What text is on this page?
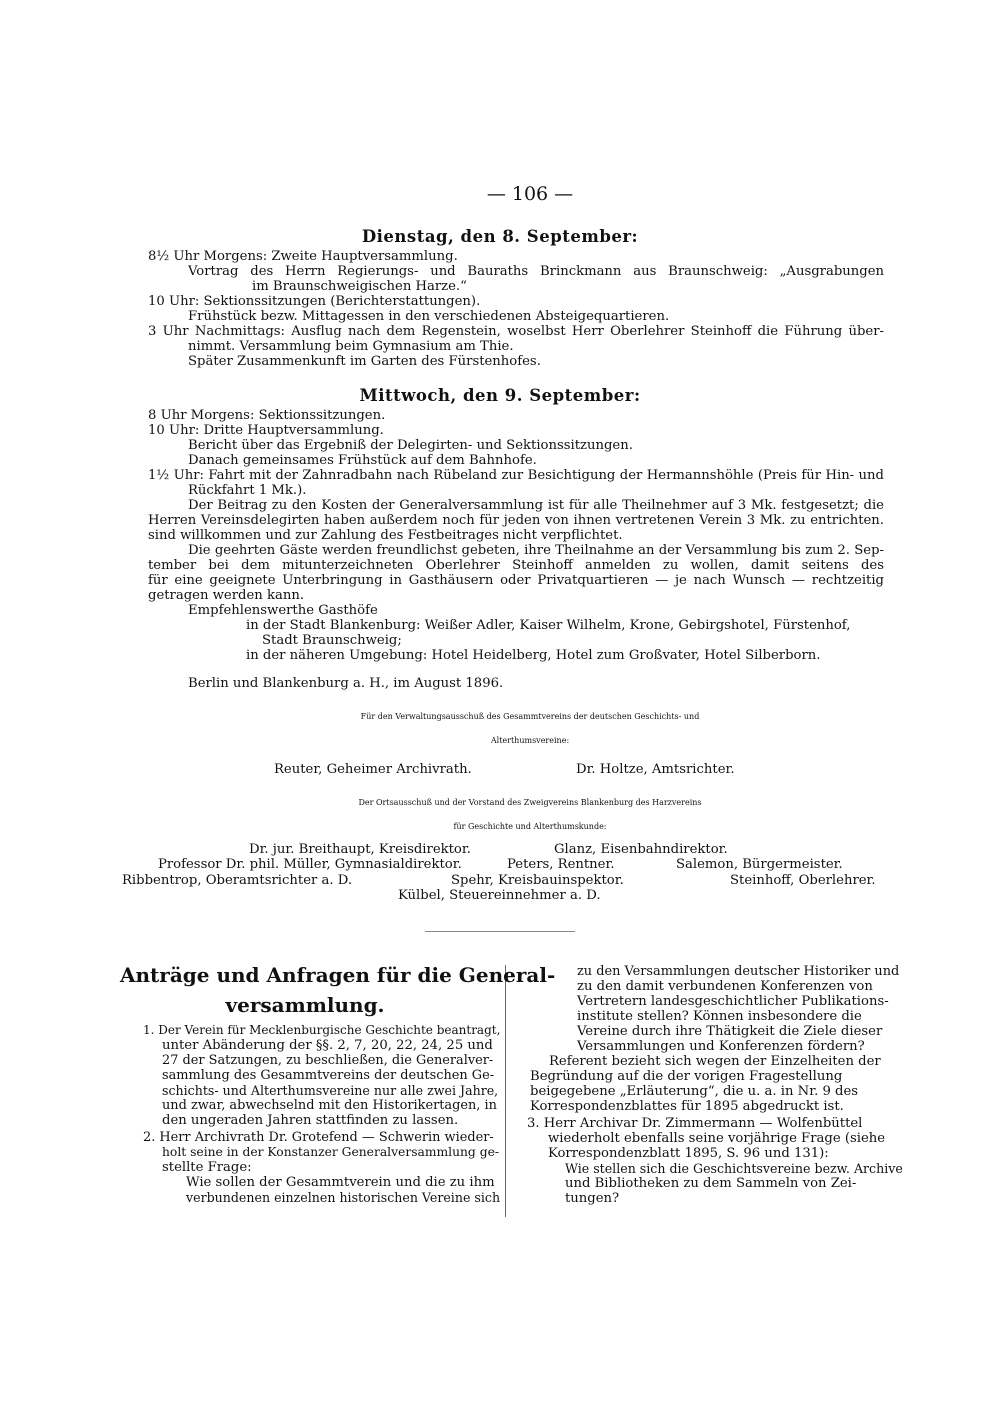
— 106 —
Dienstag, den 8. September:
8½ Uhr Morgens: Zweite Hauptversammlung.
Vortrag des Herrn Regierungs- und Bauraths Brinckmann aus Braunschweig: „Ausgrabungen
im Braunschweigischen Harze.“
10 Uhr: Sektionssitzungen (Berichterstattungen).
Frühstück bezw. Mittagessen in den verschiedenen Absteigequartieren.
3 Uhr Nachmittags: Ausflug nach dem Regenstein, woselbst Herr Oberlehrer Steinhoff die Führung über-
nimmt. Versammlung beim Gymnasium am Thie.
Später Zusammenkunft im Garten des Fürstenhofes.
Mittwoch, den 9. September:
8 Uhr Morgens: Sektionssitzungen.
10 Uhr: Dritte Hauptversammlung.
Bericht über das Ergebniß der Delegirten- und Sektionssitzungen.
Danach gemeinsames Frühstück auf dem Bahnhofe.
1½ Uhr: Fahrt mit der Zahnradbahn nach Rübeland zur Besichtigung der Hermannshöhle (Preis für Hin- und
Rückfahrt 1 Mk.).
Der Beitrag zu den Kosten der Generalversammlung ist für alle Theilnehmer auf 3 Mk. festgesetzt; die
Herren Vereinsdelegirten haben außerdem noch für jeden von ihnen vertretenen Verein 3 Mk. zu entrichten.
sind willkommen und zur Zahlung des Festbeitrages nicht verpflichtet.
Die geehrten Gäste werden freundlichst gebeten, ihre Theilnahme an der Versammlung bis zum 2. Sep-
tember bei dem mitunterzeichneten Oberlehrer Steinhoff anmelden zu wollen, damit seitens des
für eine geeignete Unterbringung in Gasthäusern oder Privatquartieren — je nach Wunsch — rechtzeitig
getragen werden kann.
Empfehlenswerthe Gasthöfe
in der Stadt Blankenburg: Weißer Adler, Kaiser Wilhelm, Krone, Gebirgshotel, Fürstenhof,
Stadt Braunschweig;
in der näheren Umgebung: Hotel Heidelberg, Hotel zum Großvater, Hotel Silberborn.
Berlin und Blankenburg a. H., im August 1896.
Für den Verwaltungsausschuß des Gesammtvereins der deutschen Geschichts- und
Alterthumsvereine:
Reuter, Geheimer Archivrath.	Dr. Holtze, Amtsrichter.
Der Ortsausschuß und der Vorstand des Zweigvereins Blankenburg des Harzvereins
für Geschichte und Alterthumskunde:
Dr. jur. Breithaupt, Kreisdirektor.	Glanz, Eisenbahndirektor.
Professor Dr. phil. Müller, Gymnasialdirektor.	Peters, Rentner.	Salemon, Bürgermeister.
Ribbentrop, Oberamtsrichter a. D.	Spehr, Kreisbauinspektor.	Steinhoff, Oberlehrer.
Külbel, Steuereinnehmer a. D.
Anträge und Anfragen für die General-
versammlung.
1. Der Verein für Mecklenburgische Geschichte beantragt,
unter Abänderung der §§. 2, 7, 20, 22, 24, 25 und
27 der Satzungen, zu beschließen, die Generalver-
sammlung des Gesammtvereins der deutschen Ge-
schichts- und Alterthumsvereine nur alle zwei Jahre,
und zwar, abwechselnd mit den Historikertagen, in
den ungeraden Jahren stattfinden zu lassen.
2. Herr Archivrath Dr. Grotefend — Schwerin wieder-
holt seine in der Konstanzer Generalversammlung ge-
stellte Frage:
Wie sollen der Gesammtverein und die zu ihm
verbundenen einzelnen historischen Vereine sich
zu den Versammlungen deutscher Historiker und
zu den damit verbundenen Konferenzen von
Vertretern landesgeschichtlicher Publikations-
institute stellen? Können insbesondere die
Vereine durch ihre Thätigkeit die Ziele dieser
Versammlungen und Konferenzen fördern?
Referent bezieht sich wegen der Einzelheiten der
Begründung auf die der vorigen Fragestellung
beigegebene „Erläuterung“, die u. a. in Nr. 9 des
Korrespondenzblattes für 1895 abgedruckt ist.
3. Herr Archivar Dr. Zimmermann — Wolfenbüttel
wiederholt ebenfalls seine vorjährige Frage (siehe
Korrespondenzblatt 1895, S. 96 und 131):
Wie stellen sich die Geschichtsvereine bezw. Archive
und Bibliotheken zu dem Sammeln von Zei-
tungen?
